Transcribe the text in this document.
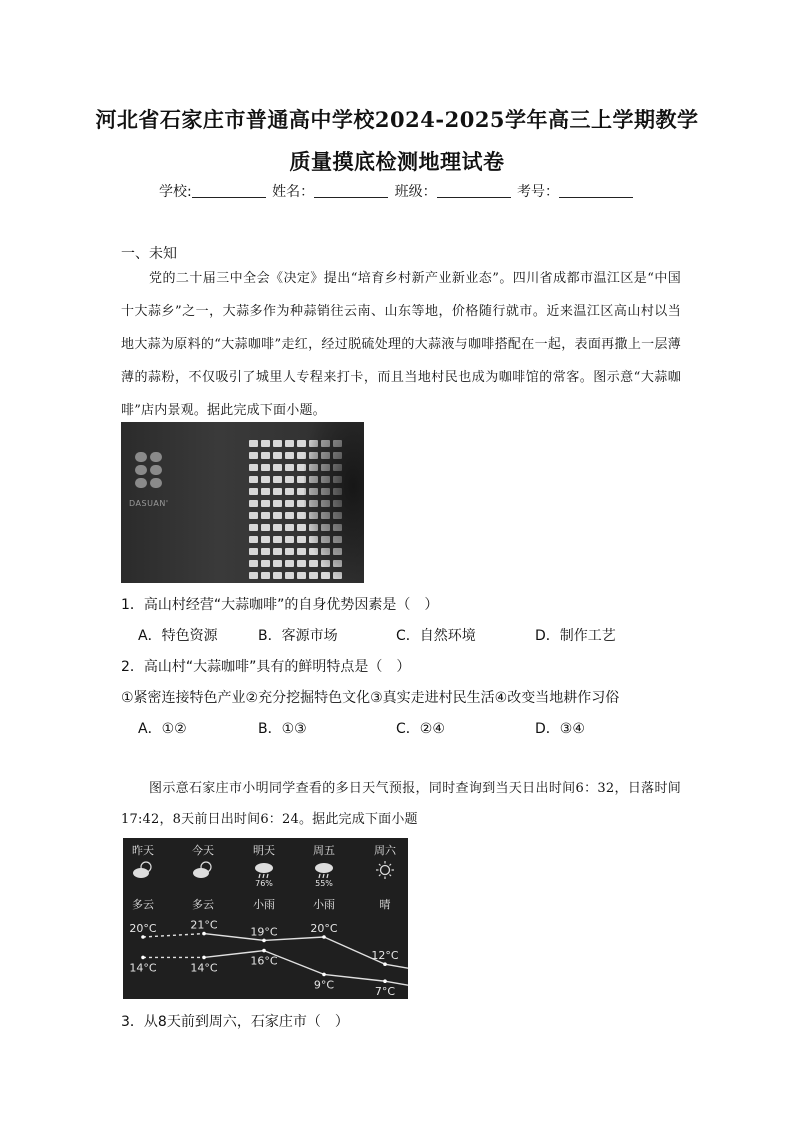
河北省石家庄市普通高中学校2024-2025学年高三上学期教学
质量摸底检测地理试卷
学校:	姓名：	班级：	考号：
一、未知
党的二十届三中全会《决定》提出“培育乡村新产业新业态”。四川省成都市温江区是“中国十大蒜乡”之一，大蒜多作为种蒜销往云南、山东等地，价格随行就市。近来温江区高山村以当地大蒜为原料的“大蒜咖啡”走红，经过脱硫处理的大蒜液与咖啡搭配在一起，表面再撒上一层薄薄的蒜粉，不仅吸引了城里人专程来打卡，而且当地村民也成为咖啡馆的常客。图示意“大蒜咖啡”店内景观。据此完成下面小题。
DASUAN'
1．高山村经营“大蒜咖啡”的自身优势因素是（　）
A．特色资源	B．客源市场	C．自然环境	D．制作工艺
2．高山村“大蒜咖啡”具有的鲜明特点是（　）
①紧密连接特色产业②充分挖掘特色文化③真实走进村民生活④改变当地耕作习俗
A．①②	B．①③	C．②④	D．③④
图示意石家庄市小明同学查看的多日天气预报，同时查询到当天日出时间6：32，日落时间17:42，8天前日出时间6：24。据此完成下面小题
昨天	今天	明天	周五	周六
76%	55%
多云	多云	小雨	小雨	晴
20°C	21°C
19°C	20°C
12°C
14°C	14°C
16°C
9°C
7°C
3．从8天前到周六，石家庄市（　）
